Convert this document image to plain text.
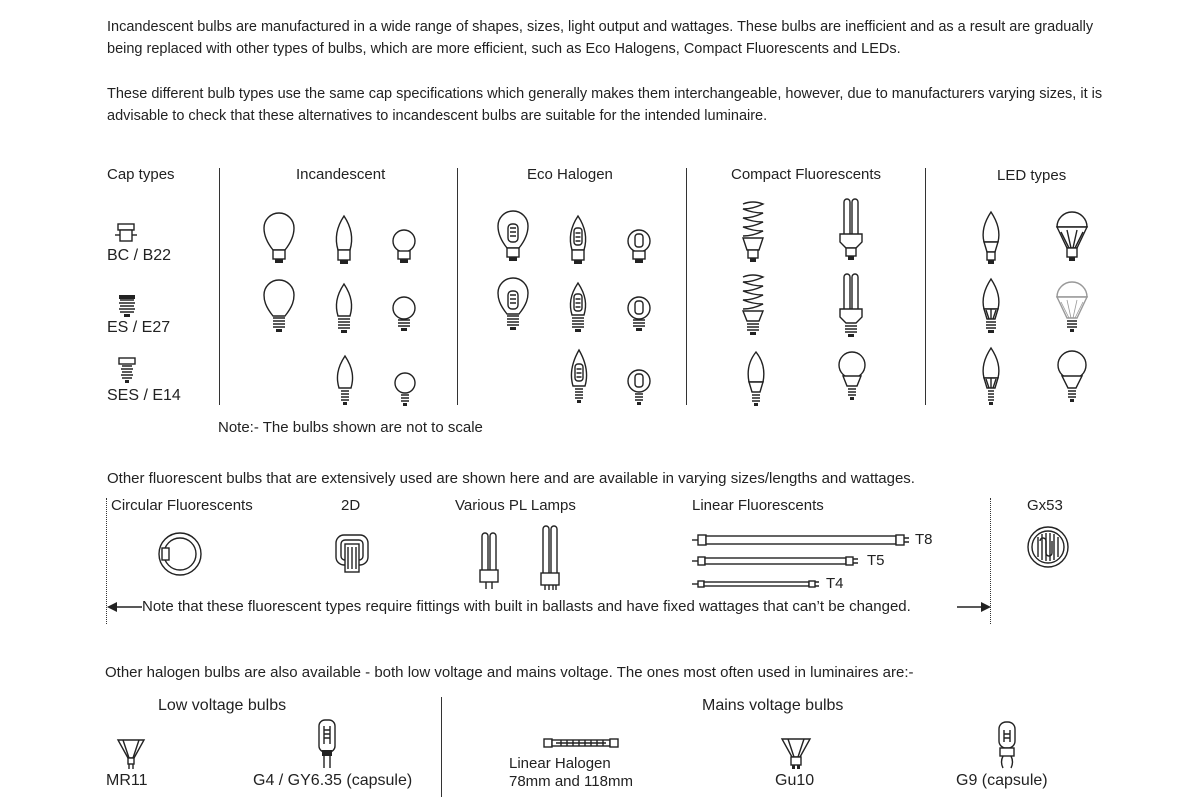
Incandescent bulbs are manufactured in a wide range of shapes, sizes, light output and wattages. These bulbs are inefficient and as a result are gradually being replaced with other types of bulbs, which are more efficient, such as Eco Halogens, Compact Fluorescents and LEDs.
These different bulb types use the same cap specifications which generally makes them interchangeable, however, due to manufacturers varying sizes, it is advisable to check that these alternatives to incandescent bulbs are suitable for the intended luminaire.
Cap types	Incandescent	Eco Halogen	Compact Fluorescents	LED types
BC / B22
ES / E27
SES / E14
Note:- The bulbs shown are not to scale
Other fluorescent bulbs that are extensively used are shown here and are available in varying sizes/lengths and wattages.
Circular Fluorescents	2D	Various PL Lamps	Linear Fluorescents	Gx53
T8
T5
T4
Note that these fluorescent types require fittings with built in ballasts and have fixed wattages that can’t be changed.
Other halogen bulbs are also available - both low voltage and mains voltage. The ones most often used in luminaires are:-
Low voltage bulbs	Mains voltage bulbs
MR11	G4 / GY6.35 (capsule)
Linear Halogen
78mm and 118mm	Gu10	G9 (capsule)
